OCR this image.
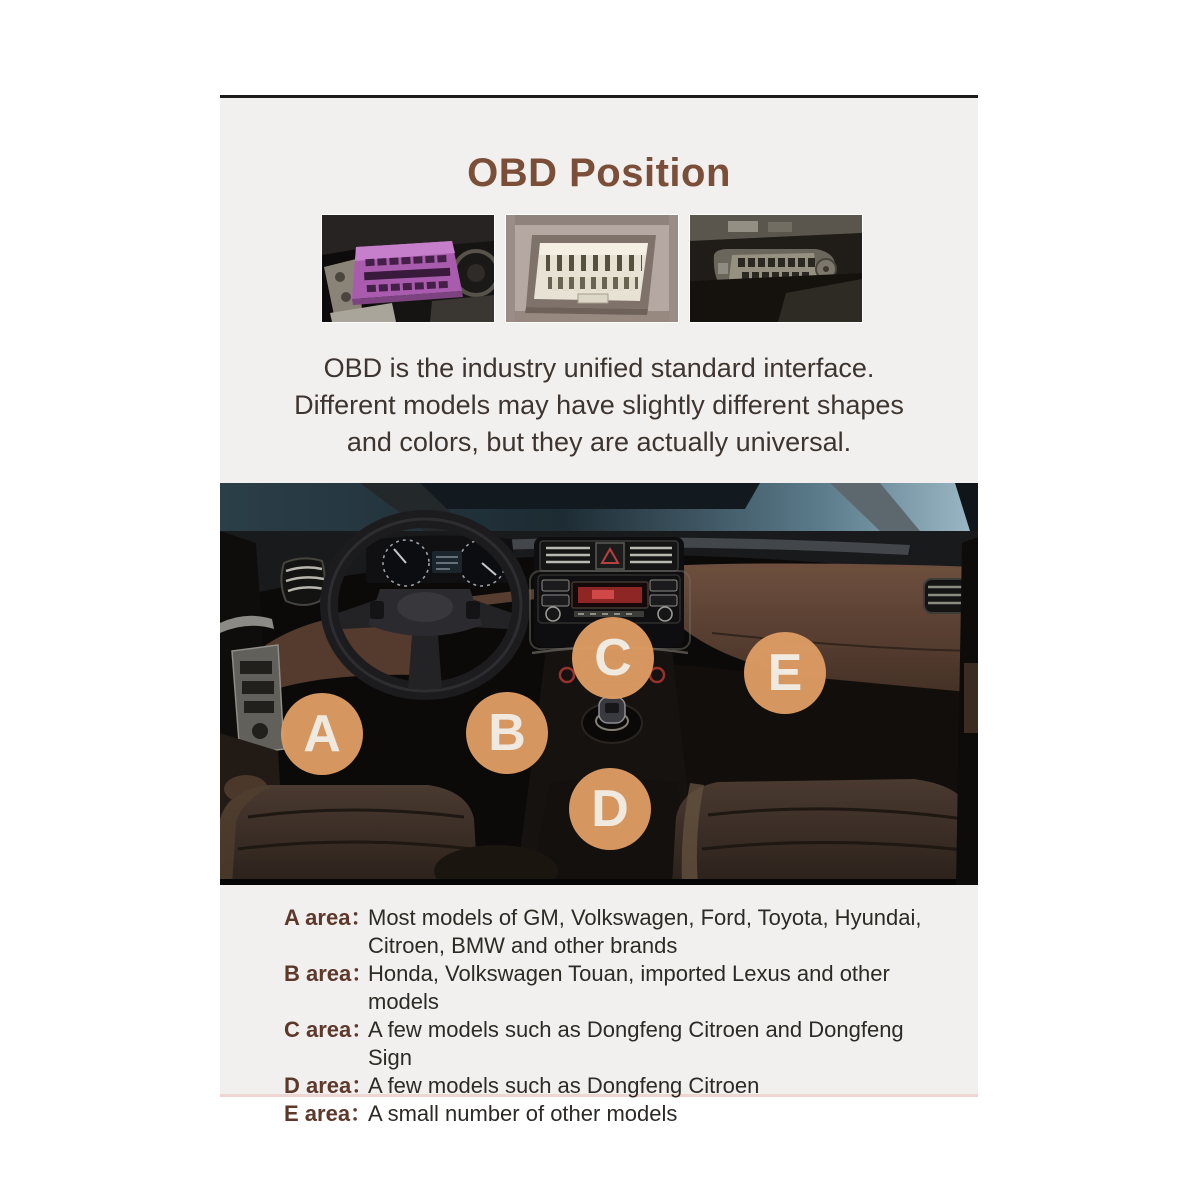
OBD Position
OBD is the industry unified standard interface.
Different models may have slightly different shapes
and colors, but they are actually universal.
A	B
C
D
E
A area：
Most models of GM, Volkswagen, Ford, Toyota, Hyundai, Citroen, BMW and other brands
B area：
Honda, Volkswagen Touan, imported Lexus and other models
C area：
A few models such as Dongfeng Citroen and Dongfeng Sign
D area：
A few models such as Dongfeng Citroen
E area：
A small number of other models
